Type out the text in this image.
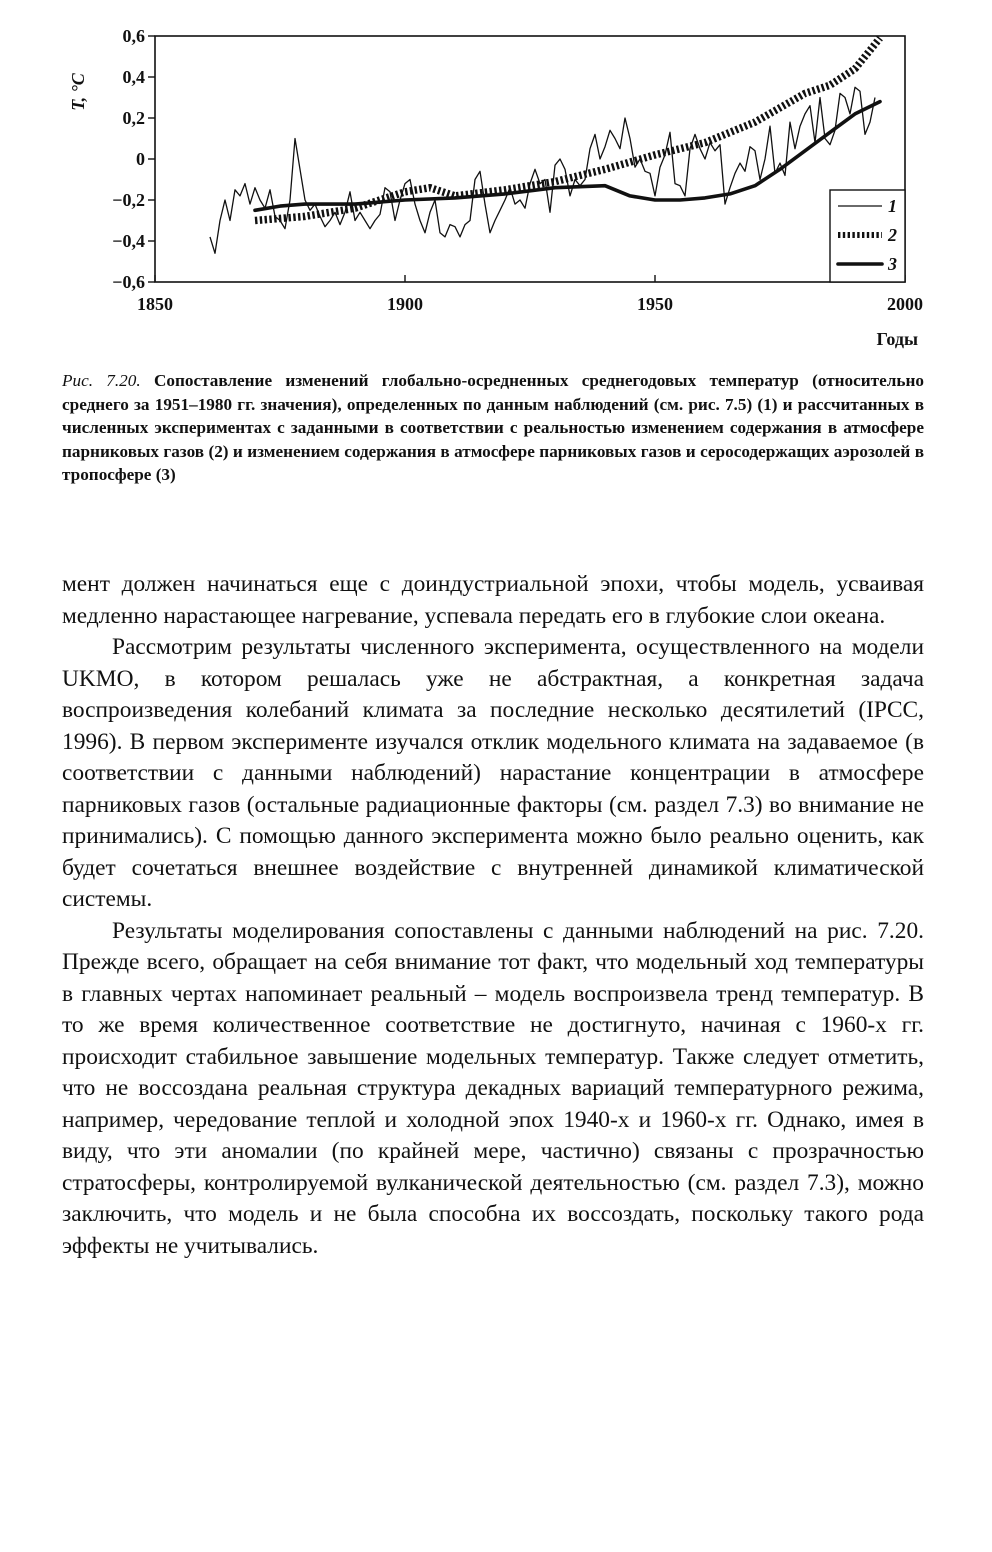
1850	1900	1950	2000
−0,6
−0,4
−0,2
0
0,2
0,4
0,6
Годы
T, °C
1
2
3
Рис. 7.20. Сопоставление изменений глобально-осредненных среднегодовых температур (относительно среднего за 1951–1980 гг. значения), определенных по данным наблюдений (см. рис. 7.5) (1) и рассчитанных в численных экспериментах с заданными в соответствии с реальностью изменением содержания в атмосфере парниковых газов (2) и изменением содержания в атмосфере парниковых газов и серосодержащих аэрозолей в тропосфере (3)

мент должен начинаться еще с доиндустриальной эпохи, чтобы модель, усваивая медленно нарастающее нагревание, успевала передать его в глубокие слои океана.

Рассмотрим результаты численного эксперимента, осуществленного на модели UKMO, в котором решалась уже не абстрактная, а конкретная задача воспроизведения колебаний климата за последние несколько десятилетий (IPCC, 1996). В первом эксперименте изучался отклик модельного климата на задаваемое (в соответствии с данными наблюдений) нарастание концентрации в атмосфере парниковых газов (остальные радиационные факторы (см. раздел 7.3) во внимание не принимались). С помощью данного эксперимента можно было реально оценить, как будет сочетаться внешнее воздействие с внутренней динамикой климатической системы.

Результаты моделирования сопоставлены с данными наблюдений на рис. 7.20. Прежде всего, обращает на себя внимание тот факт, что модельный ход температуры в главных чертах напоминает реальный – модель воспроизвела тренд температур. В то же время количественное соответствие не достигнуто, начиная с 1960-х гг. происходит стабильное завышение модельных температур. Также следует отметить, что не воссоздана реальная структура декадных вариаций температурного режима, например, чередование теплой и холодной эпох 1940-х и 1960-х гг. Однако, имея в виду, что эти аномалии (по крайней мере, частично) связаны с прозрачностью стратосферы, контролируемой вулканической деятельностью (см. раздел 7.3), можно заключить, что модель и не была способна их воссоздать, поскольку такого рода эффекты не учитывались.
